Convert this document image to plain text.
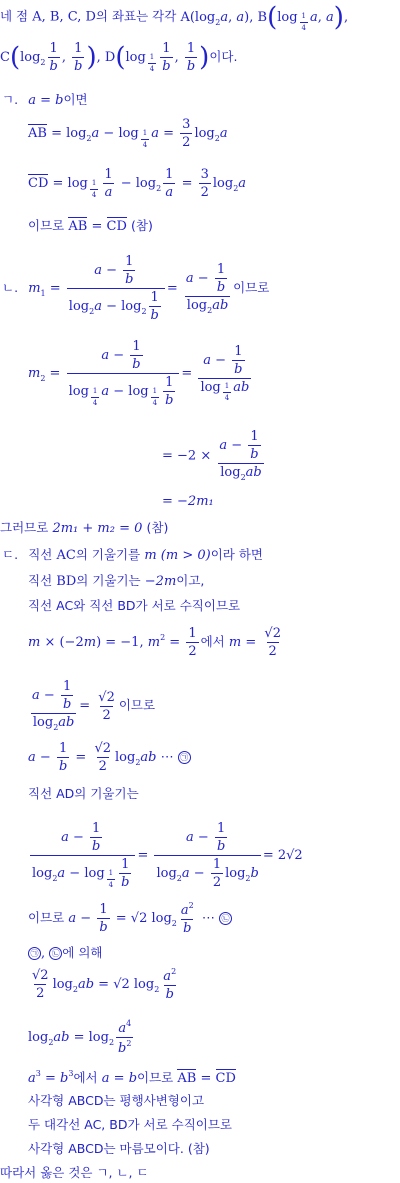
네 점 A, B, C, D의 좌표는 각각 $A(\log_2a$, a), B(log $_{\frac{1}{4}}$ a, a),
$C(\log_2 \frac{1}{b}$ , $\frac{1}{b}$ ), D(log $_{\frac{1}{4}} \frac{1}{b}$ , $\frac{1}{b}$ )이다.
ㄱ. a = b이면
AB = $\log_2a - \log _{\frac{1}{4}}$ $a = \frac{3}{2} \log_2a$
CD = $\log _{\frac{1}{4}} \frac{1}{a} - \log_2 \frac{1}{a} = \frac{3}{2} \log_2a$
이므로 AB = CD (참)
ㄴ. $m_1 = \frac{a - \frac{1}{b}}{\log_2a - \log_2 \frac{1}{b}} = \frac{a - \frac{1}{b}}{\log_2ab}$ 이므로
$m_2 = a - \frac{1}{b}$
log $_{\frac{1}{4}}$ $a - \log _{\frac{1}{4}} \frac{1}{b} = a - \frac{1}{b}$
log $_{\frac{1}{4}}$ ab
= $-2 \times \frac{a - \frac{1}{b}}{\log_2ab}$
= −2m₁
그러므로 2m₁ + m₂ = 0 (참)
ㄷ. 직선 AC의 기울기를 m (m > 0)이라 하면
직선 BD의 기울기는 −2m이고,
직선 AC와 직선 BD가 서로 수직이므로
m × (−2m) = −1, $m^2 = \frac{1}{2}$ 에서 $m = \frac{√2}{2}$
$\frac{a - \frac{1}{b}}{\log_2ab} = \frac{√2}{2}$ 이므로
$a - \frac{1}{b} = \frac{√2}{2} \log_2ab$ ⋯ ㉠
직선 AD의 기울기는
$a - \frac{1}{b}$
$\log_2a - \log _{\frac{1}{4}} \frac{1}{b} = \frac{a - \frac{1}{b}}{\log_2a - \frac{1}{2} \log_2b} = 2√2$
이므로 $a - \frac{1}{b} = √2$ $\log_2 \frac{a^2}{b}$ ⋯ ㉡
㉠ , ㉡ 에 의해
$\frac{√2}{2} \log_2ab = √2$ $\log_2 \frac{a^2}{b}$
$\log_2ab = \log_2 \frac{a^4}{b^2}$
$a^3 = b^3$에서 a = b이므로 AB = CD
사각형 ABCD는 평행사변형이고
두 대각선 AC, BD가 서로 수직이므로
사각형 ABCD는 마름모이다. (참)
따라서 옳은 것은 ㄱ, ㄴ, ㄷ
